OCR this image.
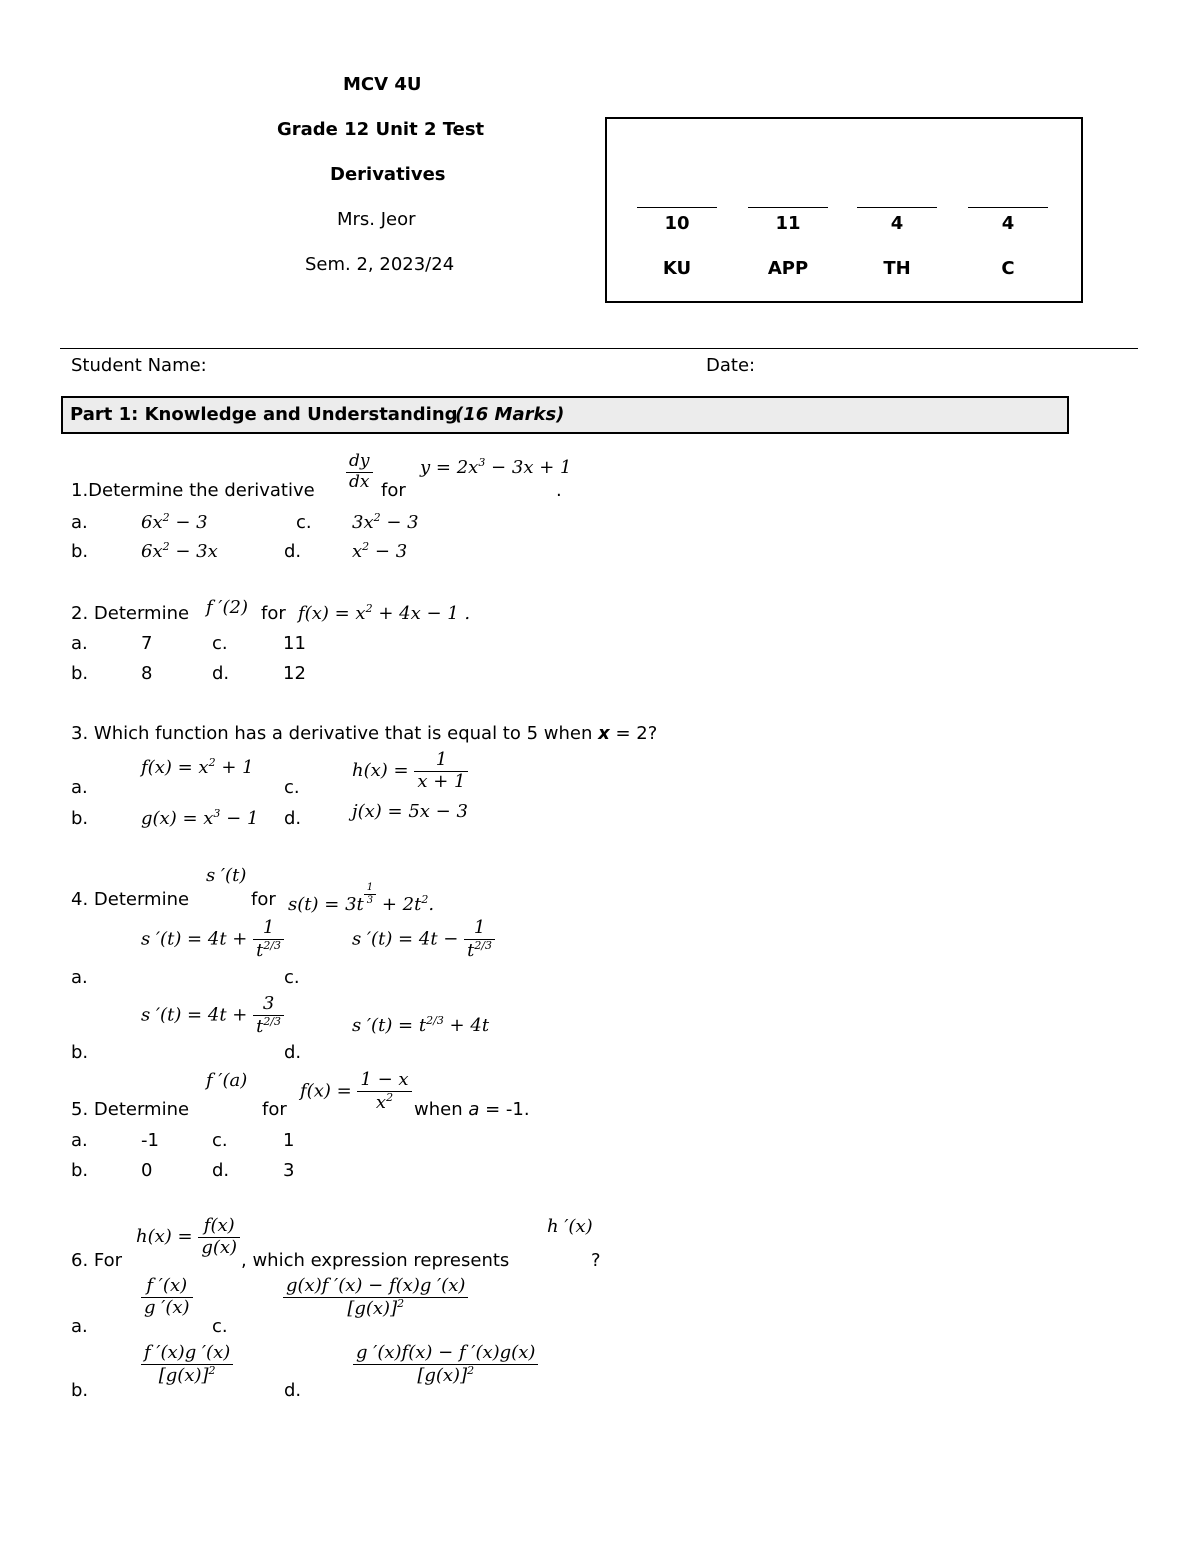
MCV 4U
Grade 12 Unit 2 Test
Derivatives
Mrs. Jeor
Sem. 2, 2023/24
10	11	4	4
KU	APP	TH	C
Student Name:	Date:
Part 1: Knowledge and Understanding
(16 Marks)
1.Determine the derivative $\frac{dy}{dx}$ for
$y = 2x^3 - 3x + 1$
.
a.	$6x^2 - 3$	c. $3x^2 - 3$
b.	$6x^2 - 3x$	d.	$x^2 - 3$
2. Determine f ′(2) for $f(x) = x^2 + 4x - 1$ .
a.	7	c.	11
b.	8	d.	12
3. Which function has a derivative that is equal to 5 when x = 2?
a.
$f(x) = x^2 + 1$
c.
$h(x) = \frac{1}{x + 1}$
b.	$g(x) = x^3 - 1$ d.	j(x) = 5x − 3
4. Determine
s ′(t)
for s(t) = 3t $^{\frac{1}{3}} + 2t^2$.
a.
s $'(t) = 4t + \frac{1}{t^{2/3}}$
c.
s $'(t) = 4t - \frac{1}{t^{2/3}}$
b.
s $'(t) = 4t + \frac{3}{t^{2/3}}$
d.
s $'(t) = t^{2/3} + 4t$
5. Determine
f ′(a)
for
$f(x) = \frac{1 - x}{x^2}$ when a = -1.
a.	-1	c.	1
b.	0	d.	3
6. For
$h(x) = \frac{f(x)}{g(x)}$
, which expression represents
h ′(x)
?
a.
$\frac{f '(x)}{g '(x)}$
c.
$\frac{g(x)f '(x) - f(x)g '(x)}{[g(x)]^2}$
b.
$\frac{f '(x)g '(x)}{[g(x)]^2}$
d.
$\frac{g '(x)f(x) - f '(x)g(x)}{[g(x)]^2}$
